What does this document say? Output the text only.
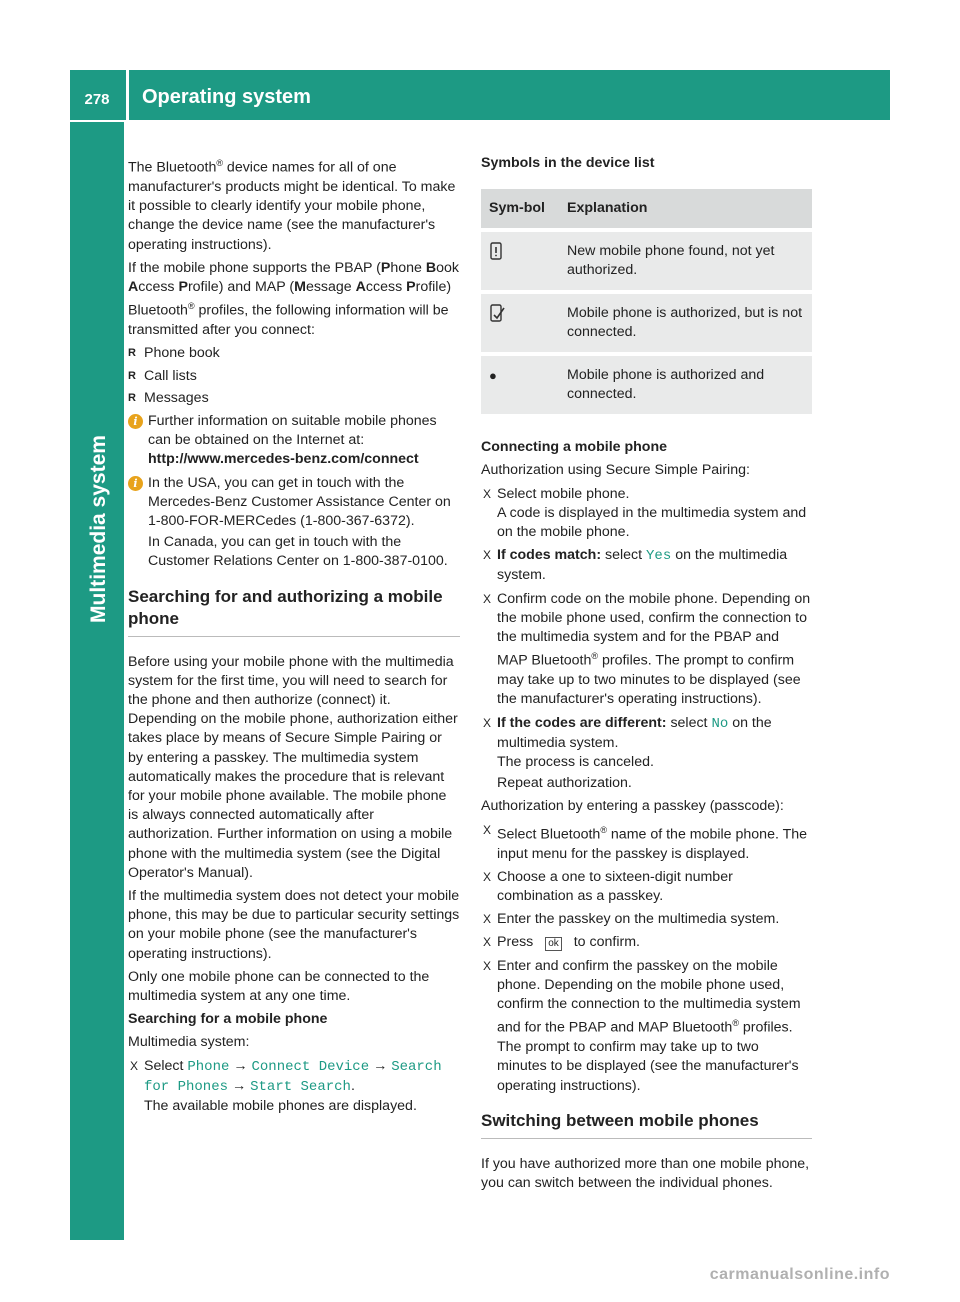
278	Operating system
Multimedia system

The Bluetooth® device names for all of one manufacturer's products might be identical. To make it possible to clearly identify your mobile phone, change the device name (see the manufacturer's operating instructions).

If the mobile phone supports the PBAP (Phone Book Access Profile) and MAP (Message Access Profile) Bluetooth® profiles, the following information will be transmitted after you connect:

R Phone book
R Call lists
R Messages
i Further information on suitable mobile phones can be obtained on the Internet at:
http://www.mercedes-benz.com/connect
i In the USA, you can get in touch with the Mercedes-Benz Customer Assistance Center on 1-800-FOR-MERCedes (1-800-367-6372).
In Canada, you can get in touch with the Customer Relations Center on 1-800-387-0100.
Searching for and authorizing a mobile phone

Before using your mobile phone with the multimedia system for the first time, you will need to search for the phone and then authorize (connect) it. Depending on the mobile phone, authorization either takes place by means of Secure Simple Pairing or by entering a passkey. The multimedia system automatically makes the procedure that is relevant for your mobile phone available. The mobile phone is always connected automatically after authorization. Further information on using a mobile phone with the multimedia system (see the Digital Operator's Manual).

If the multimedia system does not detect your mobile phone, this may be due to particular security settings on your mobile phone (see the manufacturer's operating instructions).

Only one mobile phone can be connected to the multimedia system at any one time.

Searching for a mobile phone

Multimedia system:

X Select Phone → Connect Device → Search for Phones → Start Search.
The available mobile phones are displayed.

Symbols in the device list

Sym-bol	Explanation
	New mobile phone found, not yet authorized.
	Mobile phone is authorized, but is not connected.
●	Mobile phone is authorized and connected.

Connecting a mobile phone

Authorization using Secure Simple Pairing:

X Select mobile phone.
A code is displayed in the multimedia system and on the mobile phone.
X If codes match: select Yes on the multimedia system.
X Confirm code on the mobile phone. Depending on the mobile phone used, confirm the connection to the multimedia system and for the PBAP and MAP Bluetooth® profiles. The prompt to confirm may take up to two minutes to be displayed (see the manufacturer's operating instructions).
X If the codes are different: select No on the multimedia system.
The process is canceled.
Repeat authorization.

Authorization by entering a passkey (passcode):

X Select Bluetooth® name of the mobile phone. The input menu for the passkey is displayed.
X Choose a one to sixteen-digit number combination as a passkey.
X Enter the passkey on the multimedia system.
X Press ok to confirm.
X Enter and confirm the passkey on the mobile phone. Depending on the mobile phone used, confirm the connection to the multimedia system and for the PBAP and MAP Bluetooth® profiles. The prompt to confirm may take up to two minutes to be displayed (see the manufacturer's operating instructions).
Switching between mobile phones

If you have authorized more than one mobile phone, you can switch between the individual phones.

carmanualsonline.info
